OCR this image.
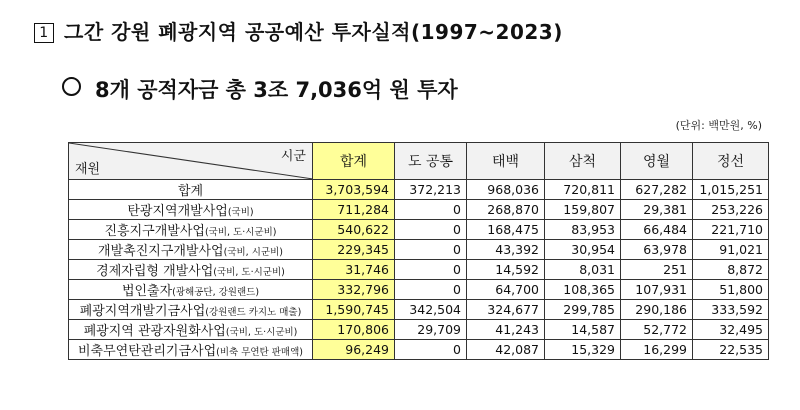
1 그간 강원 폐광지역 공공예산 투자실적(1997~2023)
8개 공적자금 총 3조 7,036억 원 투자
(단위: 백만원, %)
시군
재원	합계	도 공통	태백	삼척	영월	정선
합계	3,703,594	372,213	968,036	720,811	627,282	1,015,251
탄광지역개발사업(국비)	711,284	0	268,870	159,807	29,381	253,226
진흥지구개발사업(국비, 도·시군비)	540,622	0	168,475	83,953	66,484	221,710
개발촉진지구개발사업(국비, 시군비)	229,345	0	43,392	30,954	63,978	91,021
경제자립형 개발사업(국비, 도·시군비)	31,746	0	14,592	8,031	251	8,872
법인출자(광해공단, 강원랜드)	332,796	0	64,700	108,365	107,931	51,800
폐광지역개발기금사업(강원랜드 카지노 매출)	1,590,745	342,504	324,677	299,785	290,186	333,592
폐광지역 관광자원화사업(국비, 도·시군비)	170,806	29,709	41,243	14,587	52,772	32,495
비축무연탄관리기금사업(비축 무연탄 판매액)	96,249	0	42,087	15,329	16,299	22,535
